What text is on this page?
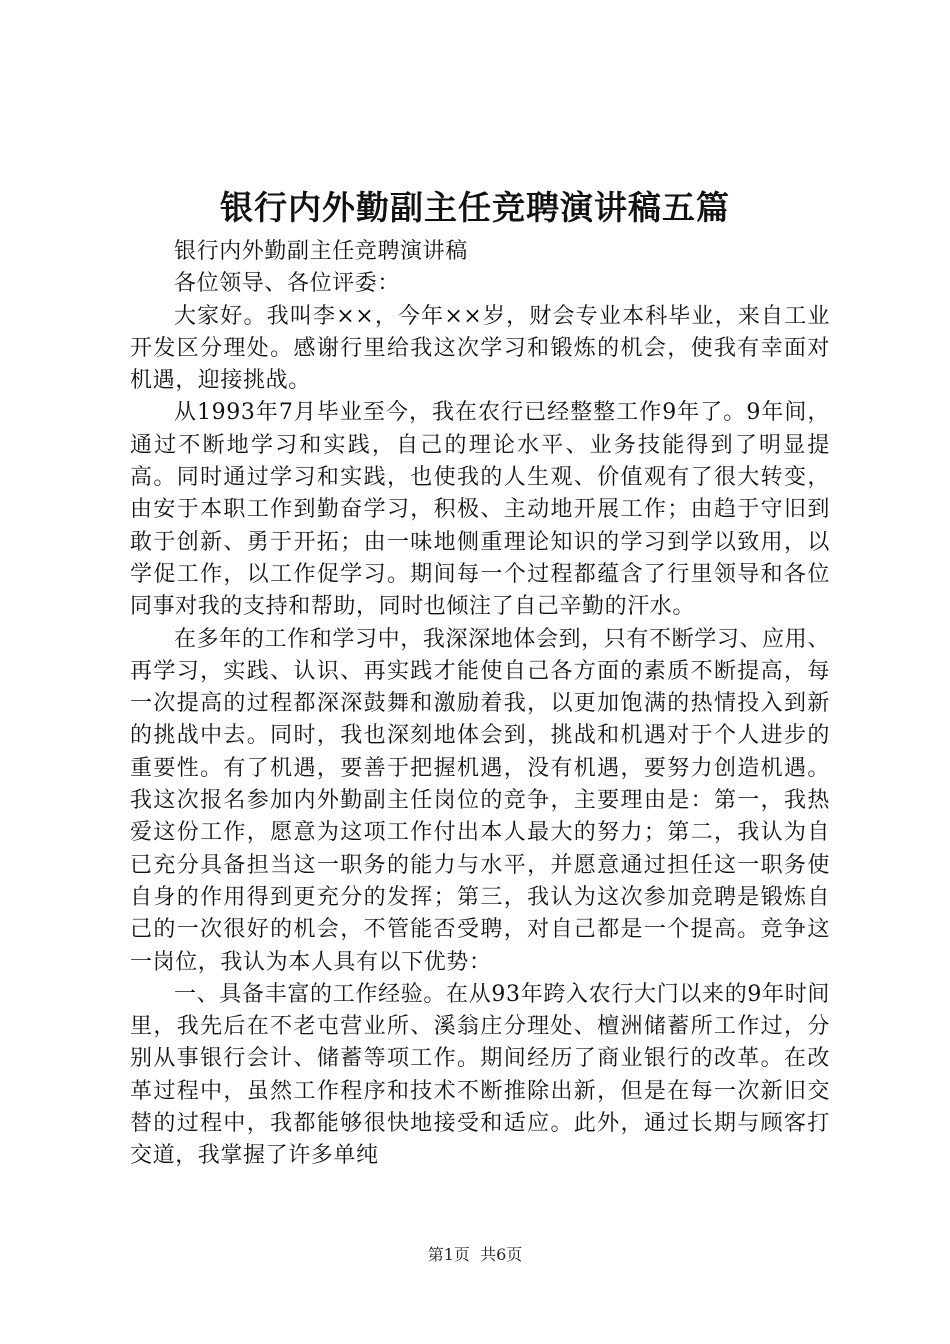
银行内外勤副主任竞聘演讲稿五篇

银行内外勤副主任竞聘演讲稿

各位领导、各位评委：

大家好。我叫李××，今年××岁，财会专业本科毕业，来自工业开发区分理处。感谢行里给我这次学习和锻炼的机会，使我有幸面对机遇，迎接挑战。

从1993年7月毕业至今，我在农行已经整整工作9年了。9年间，通过不断地学习和实践，自己的理论水平、业务技能得到了明显提高。同时通过学习和实践，也使我的人生观、价值观有了很大转变，由安于本职工作到勤奋学习，积极、主动地开展工作；由趋于守旧到敢于创新、勇于开拓；由一味地侧重理论知识的学习到学以致用，以学促工作，以工作促学习。期间每一个过程都蕴含了行里领导和各位同事对我的支持和帮助，同时也倾注了自己辛勤的汗水。

在多年的工作和学习中，我深深地体会到，只有不断学习、应用、再学习，实践、认识、再实践才能使自己各方面的素质不断提高，每一次提高的过程都深深鼓舞和激励着我，以更加饱满的热情投入到新的挑战中去。同时，我也深刻地体会到，挑战和机遇对于个人进步的重要性。有了机遇，要善于把握机遇，没有机遇，要努力创造机遇。我这次报名参加内外勤副主任岗位的竞争，主要理由是：第一，我热爱这份工作，愿意为这项工作付出本人最大的努力；第二，我认为自已充分具备担当这一职务的能力与水平，并愿意通过担任这一职务使自身的作用得到更充分的发挥；第三，我认为这次参加竞聘是锻炼自己的一次很好的机会，不管能否受聘，对自己都是一个提高。竞争这一岗位，我认为本人具有以下优势：

一、具备丰富的工作经验。在从93年跨入农行大门以来的9年时间里，我先后在不老屯营业所、溪翁庄分理处、檀洲储蓄所工作过，分别从事银行会计、储蓄等项工作。期间经历了商业银行的改革。在改革过程中，虽然工作程序和技术不断推除出新，但是在每一次新旧交替的过程中，我都能够很快地接受和适应。此外，通过长期与顾客打交道，我掌握了许多单纯

第1页 共6页
